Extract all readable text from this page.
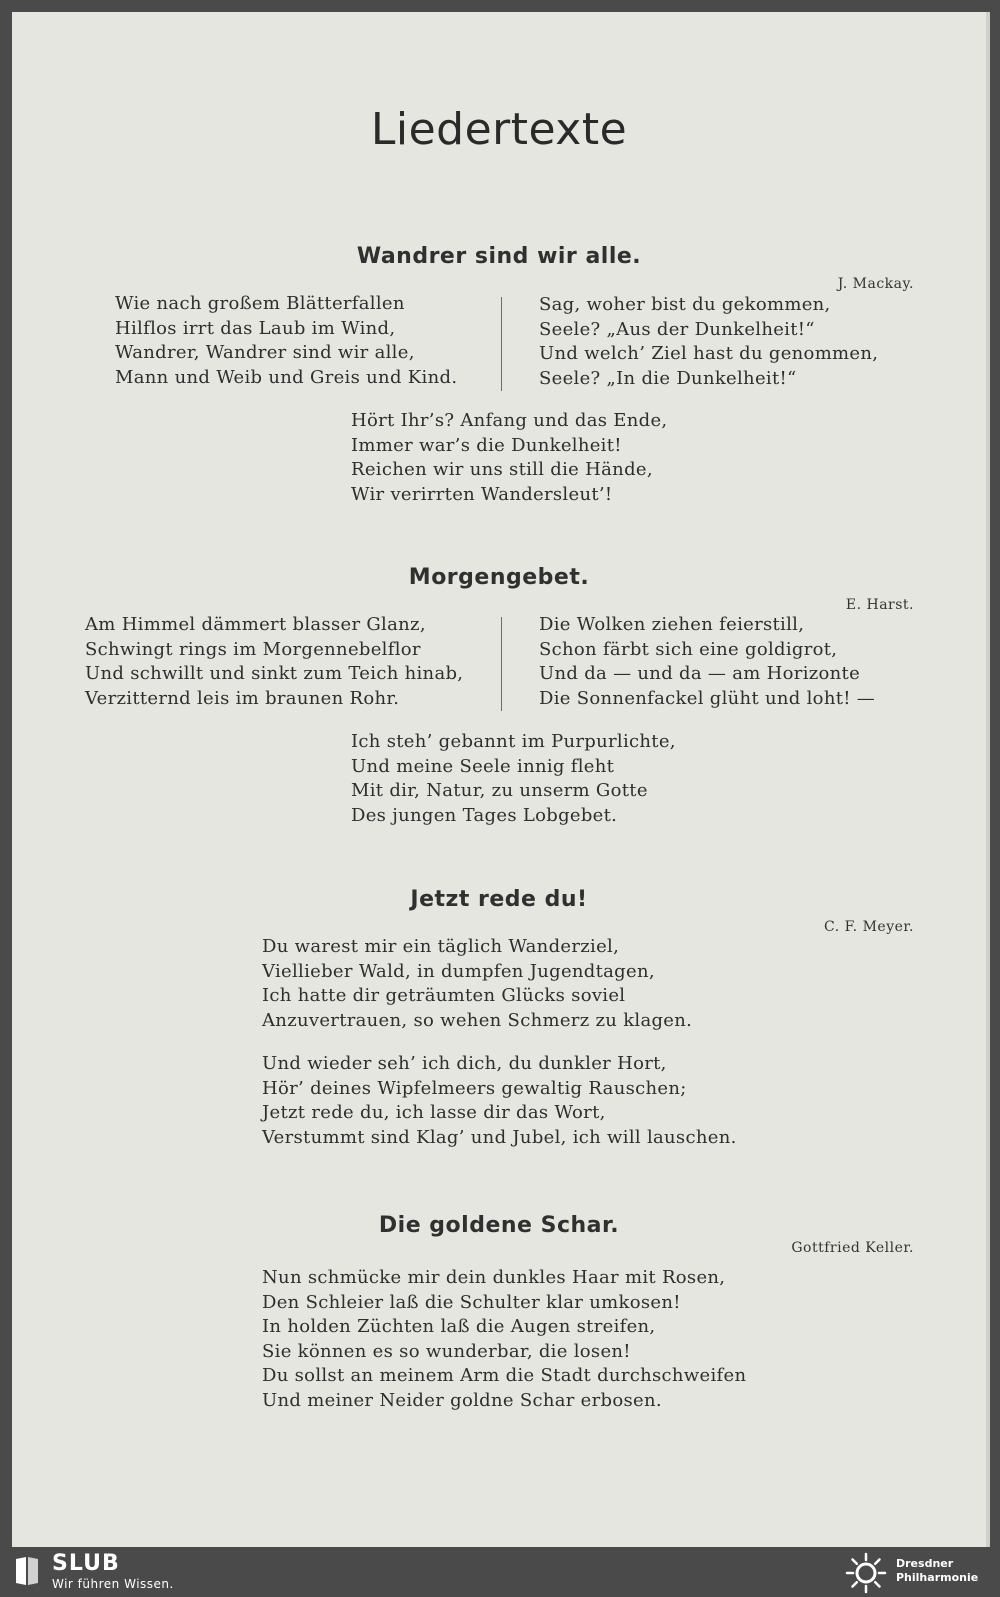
Liedertexte
Wandrer sind wir alle.
J. Mackay.
Wie nach großem Blätterfallen
Hilflos irrt das Laub im Wind,
Wandrer, Wandrer sind wir alle,
Mann und Weib und Greis und Kind.
Sag, woher bist du gekommen,
Seele? „Aus der Dunkelheit!“
Und welch’ Ziel hast du genommen,
Seele? „In die Dunkelheit!“
Hört Ihr’s? Anfang und das Ende,
Immer war’s die Dunkelheit!
Reichen wir uns still die Hände,
Wir verirrten Wandersleut’!
Morgengebet.
E. Harst.
Am Himmel dämmert blasser Glanz,
Schwingt rings im Morgennebelflor
Und schwillt und sinkt zum Teich hinab,
Verzitternd leis im braunen Rohr.
Die Wolken ziehen feierstill,
Schon färbt sich eine goldigrot,
Und da — und da — am Horizonte
Die Sonnenfackel glüht und loht! —
Ich steh’ gebannt im Purpurlichte,
Und meine Seele innig fleht
Mit dir, Natur, zu unserm Gotte
Des jungen Tages Lobgebet.
Jetzt rede du!
C. F. Meyer.
Du warest mir ein täglich Wanderziel,
Viellieber Wald, in dumpfen Jugendtagen,
Ich hatte dir geträumten Glücks soviel
Anzuvertrauen, so wehen Schmerz zu klagen.
Und wieder seh’ ich dich, du dunkler Hort,
Hör’ deines Wipfelmeers gewaltig Rauschen;
Jetzt rede du, ich lasse dir das Wort,
Verstummt sind Klag’ und Jubel, ich will lauschen.
Die goldene Schar.
Gottfried Keller.
Nun schmücke mir dein dunkles Haar mit Rosen,
Den Schleier laß die Schulter klar umkosen!
In holden Züchten laß die Augen streifen,
Sie können es so wunderbar, die losen!
Du sollst an meinem Arm die Stadt durchschweifen
Und meiner Neider goldne Schar erbosen.
SLUB
Wir führen Wissen.
Dresdner
Philharmonie
